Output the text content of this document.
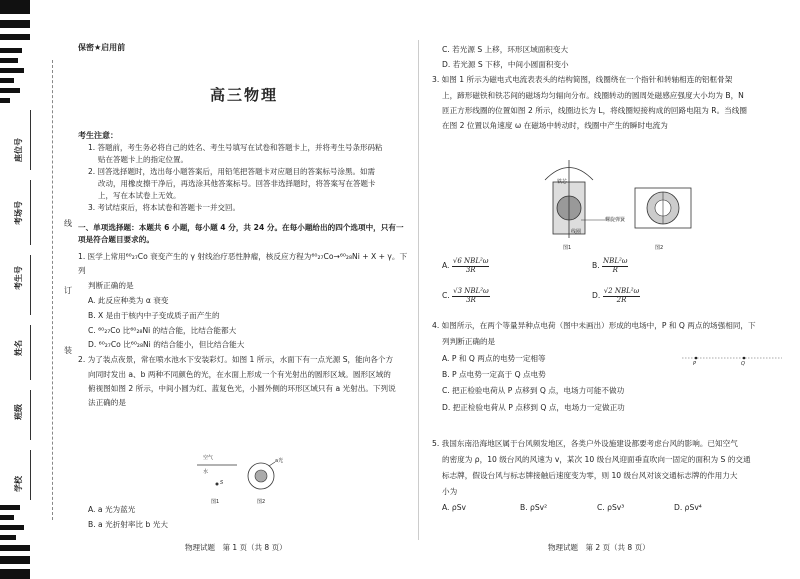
座位号
考场号
考生号
姓名
班级
学校
线
订
装

保密★启用前

高三物理

考生注意：

1. 答题前，考生务必将自己的姓名、考生号填写在试卷和答题卡上，并将考生号条形码粘

贴在答题卡上的指定位置。

2. 回答选择题时，选出每小题答案后，用铅笔把答题卡对应题目的答案标号涂黑。如需

改动，用橡皮擦干净后，再选涂其他答案标号。回答非选择题时，将答案写在答题卡

上，写在本试卷上无效。

3. 考试结束后，将本试卷和答题卡一并交回。

一、单项选择题：本题共 6 小题，每小题 4 分，共 24 分。在每小题给出的四个选项中，只有一

项是符合题目要求的。

1. 医学上常用⁶⁰₂₇Co 衰变产生的 γ 射线治疗恶性肿瘤，核反应方程为⁶⁰₂₇Co→⁶⁰₂₈Ni + X + γ。下列

判断正确的是

A. 此反应种类为 α 衰变

B. X 是由于核内中子变成质子而产生的

C. ⁶⁰₂₇Co 比⁶⁰₂₈Ni 的结合能，比结合能都大

D. ⁶⁰₂₇Co 比⁶⁰₂₈Ni 的结合能小，但比结合能大

2. 为了装点夜景，常在喷水池水下安装彩灯。如图 1 所示，水面下有一点光源 S，能向各个方

向同时发出 a、b 两种不同颜色的光，在水面上形成一个有光射出的圆形区域。圆形区域的

俯视图如图 2 所示，中间小圆为红、蓝复色光，小圆外侧的环形区域只有 a 光射出。下列说

法正确的是

空气
水
S
a光
图1	图2

A. a 光为蓝光

B. a 光折射率比 b 光大

物理试题　第 1 页（共 8 页）

C. 若光源 S 上移，环形区域面积变大

D. 若光源 S 下移，中间小圆面积变小

3. 如图 1 所示为磁电式电流表表头的结构简图，线圈绕在一个指针和转轴相连的铝框骨架

上，蹄形磁铁和铁芯间的磁场均匀辐向分布。线圈转动的圆周处磁感应强度大小均为 B，N

匝正方形线圈的位置如图 2 所示，线圈边长为 L，将线圈短接构成的回路电阻为 R。当线圈

在图 2 位置以角速度 ω 在磁场中转动时，线圈中产生的瞬时电流为

铁芯
螺旋弹簧
线圈
图1	图2
A. $\frac{\text{√6 NBL²ω}}{3R}$	B. $\frac{\text{NBL²ω}}{R}$
C. $\frac{\text{√3 NBL²ω}}{3R}$	D. $\frac{\text{√2 NBL²ω}}{2R}$

4. 如图所示，在两个等量异种点电荷（图中未画出）形成的电场中，P 和 Q 两点的场强相同，下

列判断正确的是

A. P 和 Q 两点的电势一定相等

B. P 点电势一定高于 Q 点电势

C. 把正检验电荷从 P 点移到 Q 点，电场力可能不做功

D. 把正检验电荷从 P 点移到 Q 点，电场力一定做正功

P	Q

5. 我国东南沿海地区属于台风频发地区，各类户外设施建设都要考虑台风的影响。已知空气

的密度为 ρ，10 级台风的风速为 v，某次 10 级台风迎面垂直吹向一固定的面积为 S 的交通

标志牌，假设台风与标志牌接触后速度变为零，则 10 级台风对该交通标志牌的作用力大

小为

A. ρSv	B. ρSv²	C. ρSv³	D. ρSv⁴
物理试题　第 2 页（共 8 页）
